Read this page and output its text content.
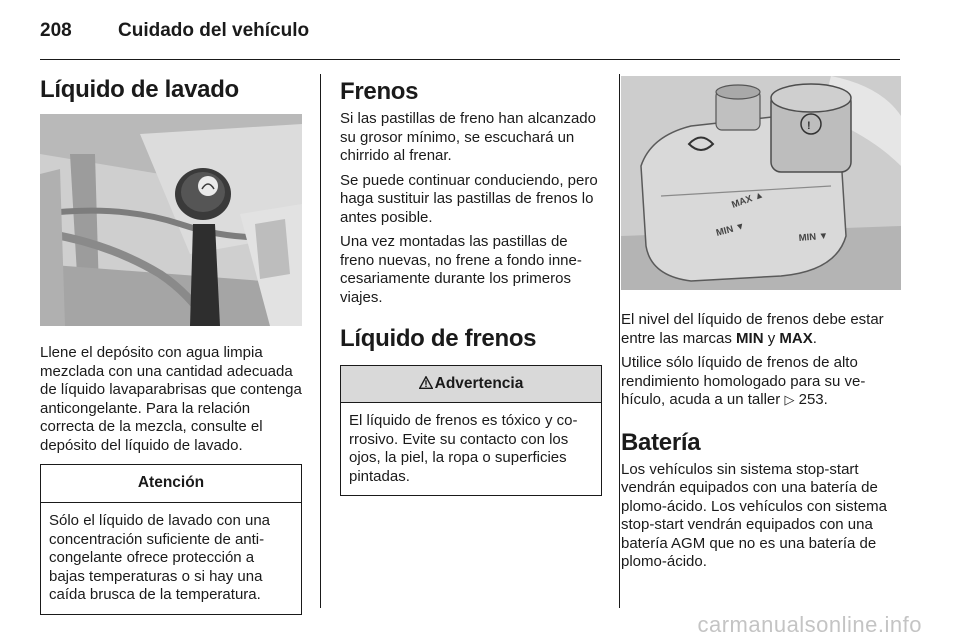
208 Cuidado del vehículo
Líquido de lavado

Llene el depósito con agua limpia mezclada con una cantidad adecuada de líquido lavaparabrisas que contenga anticongelante. Para la relación correcta de la mezcla, consulte el depósito del líquido de lavado.

Atención
Sólo el líquido de lavado con una concentración suficiente de anticongelante ofrece protección a bajas temperaturas o si hay una caída brusca de la temperatura.
Frenos

Si las pastillas de freno han alcanzado su grosor mínimo, se escuchará un chirrido al frenar.

Se puede continuar conduciendo, pero haga sustituir las pastillas de frenos lo antes posible.

Una vez montadas las pastillas de freno nuevas, no frene a fondo innecesariamente durante los primeros viajes.

Líquido de frenos
Advertencia
El líquido de frenos es tóxico y corrosivo. Evite su contacto con los ojos, la piel, la ropa o superficies pintadas.
!
MAX ▲
MIN ▼	MIN ▼

El nivel del líquido de frenos debe estar entre las marcas MIN y MAX.

Utilice sólo líquido de frenos de alto rendimiento homologado para su vehículo, acuda a un taller ▷ 253.

Batería

Los vehículos sin sistema stop-start vendrán equipados con una batería de plomo-ácido. Los vehículos con sistema stop-start vendrán equipados con una batería AGM que no es una batería de plomo-ácido.

carmanualsonline.info
